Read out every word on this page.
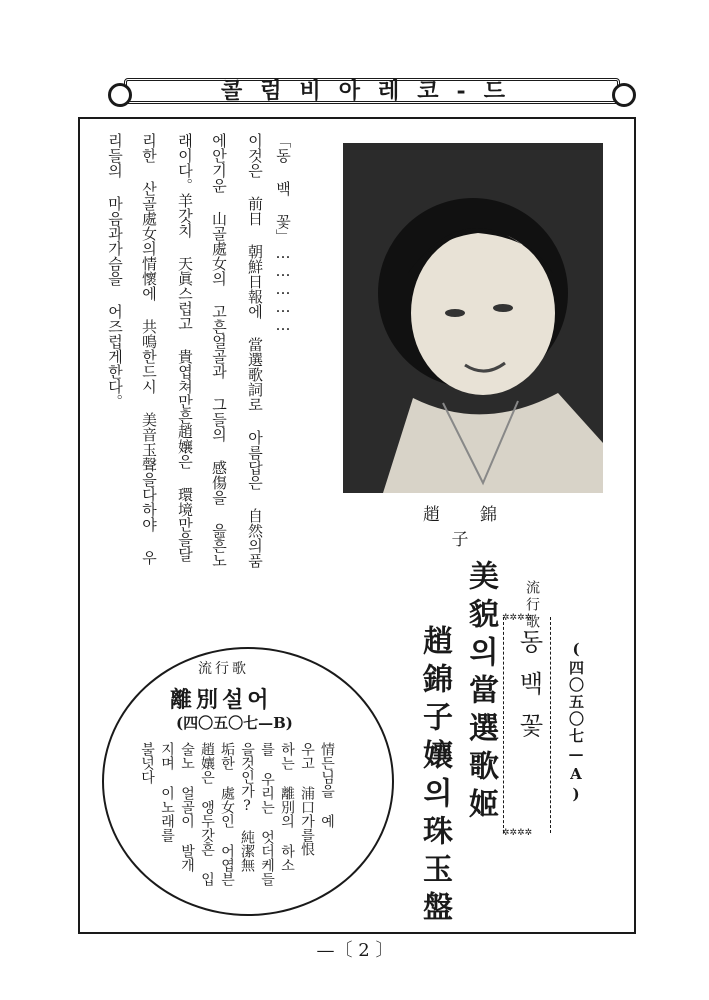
콜럼비아레코-드
趙錦子
「동 백 꽃」……………
이것은 前日 朝鮮日報에 當選歌詞로 아름답은 自然의품
에안기운 山골處女의 고흔얼골과 그들의 感傷을 읊흔노
래이다。羊갓치 天眞스럽고 貴엽쳐만흔趙孃은 環境만을달
리한 산골處女의情懷에 共鳴한드시 美音玉聲을다하야 우
리들의 마음과가슴을 어즈럽게한다。
流行歌
美貌의當選歌姬
趙錦子孃의珠玉盤
✲✲✲✲
✲✲✲✲
동백꽃 (四〇五〇七—A)
流行歌
離別설어
(四〇五〇七—B)
情든님을 예
우고 浦口가를恨
하는 離別의 하소
를 우리는 엇더케들
을것인가? 純潔無
垢한 處女인 어엽븐
趙孃은 앵두갓흔 입
술노 얼골이 발개
지며 이노래를
불넛다
—〔 2 〕
